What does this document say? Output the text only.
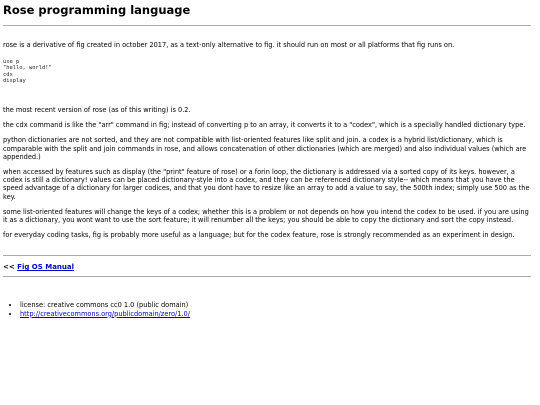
Rose programming language

rose is a derivative of fig created in october 2017, as a text-only alternative to fig. it should run on most or all platforms that fig runs on.

use p
"hello, world!"
cdx
display

the most recent version of rose (as of this writing) is 0.2.

the cdx command is like the "arr" command in fig; instead of converting p to an array, it converts it to a "codex", which is a specially handled dictionary type.

python dictionaries are not sorted, and they are not compatible with list-oriented features like split and join. a codex is a hybrid list/dictionary, which is comparable with the split and join commands in rose, and allows concatenation of other dictionaries (which are merged) and also individual values (which are appended.)

when accessed by features such as display (the "print" feature of rose) or a forin loop, the dictionary is addressed via a sorted copy of its keys. however, a codex is still a dictionary! values can be placed dictionary-style into a codex, and they can be referenced dictionary style-- which means that you have the speed advantage of a dictionary for larger codices, and that you dont have to resize like an array to add a value to say, the 500th index; simply use 500 as the key.

some list-oriented features will change the keys of a codex; whether this is a problem or not depends on how you intend the codex to be used. if you are using it as a dictionary, you wont want to use the sort feature; it will renumber all the keys; you should be able to copy the dictionary and sort the copy instead.

for everyday coding tasks, fig is probably more useful as a language; but for the codex feature, rose is strongly recommended as an experiment in design.

<< Fig OS Manual
• license: creative commons cc0 1.0 (public domain)
• http://creativecommons.org/publicdomain/zero/1.0/
